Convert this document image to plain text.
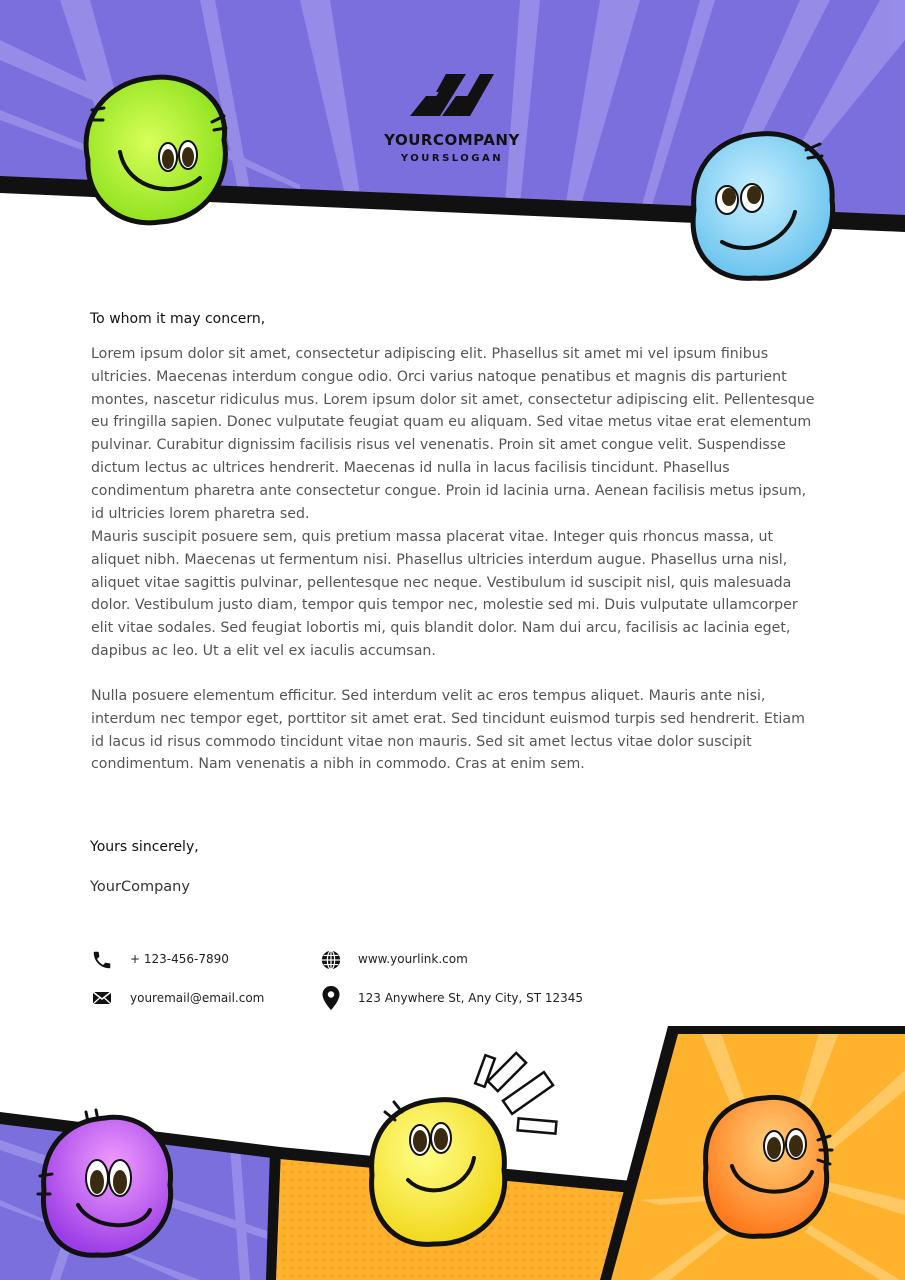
YOURCOMPANY
YOURSLOGAN
To whom it may concern,
Lorem ipsum dolor sit amet, consectetur adipiscing elit. Phasellus sit amet mi vel ipsum finibus ultricies. Maecenas interdum congue odio. Orci varius natoque penatibus et magnis dis parturient montes, nascetur ridiculus mus. Lorem ipsum dolor sit amet, consectetur adipiscing elit. Pellentesque eu fringilla sapien. Donec vulputate feugiat quam eu aliquam. Sed vitae metus vitae erat elementum pulvinar. Curabitur dignissim facilisis risus vel venenatis. Proin sit amet congue velit. Suspendisse dictum lectus ac ultrices hendrerit. Maecenas id nulla in lacus facilisis tincidunt. Phasellus condimentum pharetra ante consectetur congue. Proin id lacinia urna. Aenean facilisis metus ipsum, id ultricies lorem pharetra sed.
Mauris suscipit posuere sem, quis pretium massa placerat vitae. Integer quis rhoncus massa, ut aliquet nibh. Maecenas ut fermentum nisi. Phasellus ultricies interdum augue. Phasellus urna nisl, aliquet vitae sagittis pulvinar, pellentesque nec neque. Vestibulum id suscipit nisl, quis malesuada dolor. Vestibulum justo diam, tempor quis tempor nec, molestie sed mi. Duis vulputate ullamcorper elit vitae sodales. Sed feugiat lobortis mi, quis blandit dolor. Nam dui arcu, facilisis ac lacinia eget, dapibus ac leo. Ut a elit vel ex iaculis accumsan.
Nulla posuere elementum efficitur. Sed interdum velit ac eros tempus aliquet. Mauris ante nisi, interdum nec tempor eget, porttitor sit amet erat. Sed tincidunt euismod turpis sed hendrerit. Etiam id lacus id risus commodo tincidunt vitae non mauris. Sed sit amet lectus vitae dolor suscipit condimentum. Nam venenatis a nibh in commodo. Cras at enim sem.
Yours sincerely,
YourCompany
+ 123-456-7890	www.yourlink.com
youremail@email.com	123 Anywhere St, Any City, ST 12345
